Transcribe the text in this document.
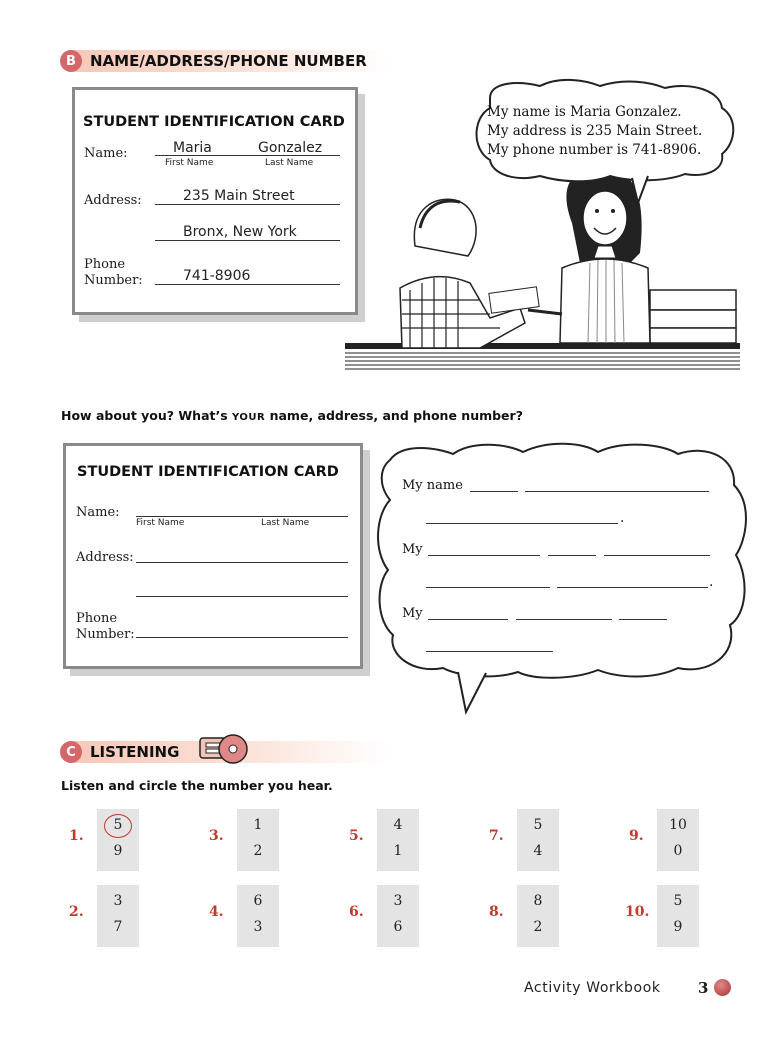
B NAME/ADDRESS/PHONE NUMBER
STUDENT IDENTIFICATION CARD
Name:	Maria	Gonzalez
First Name	Last Name
Address:	235 Main Street
Bronx, New York
Phone
Number:	741-8906
My name is Maria Gonzalez.
My address is 235 Main Street.
My phone number is 741-8906.
How about you? What’s YOUR name, address, and phone number?
STUDENT IDENTIFICATION CARD
Name:
First Name	Last Name
Address:
Phone
Number:
My name
.
My
.
My
C LISTENING
Listen and circle the number you hear.
1.
5
9
3.
1
2
5.
4
1
7.
5
4
9.
10
0
2.
3
7
4.
6
3
6.
3
6
8.
8
2
10.
5
9
Activity Workbook 3
